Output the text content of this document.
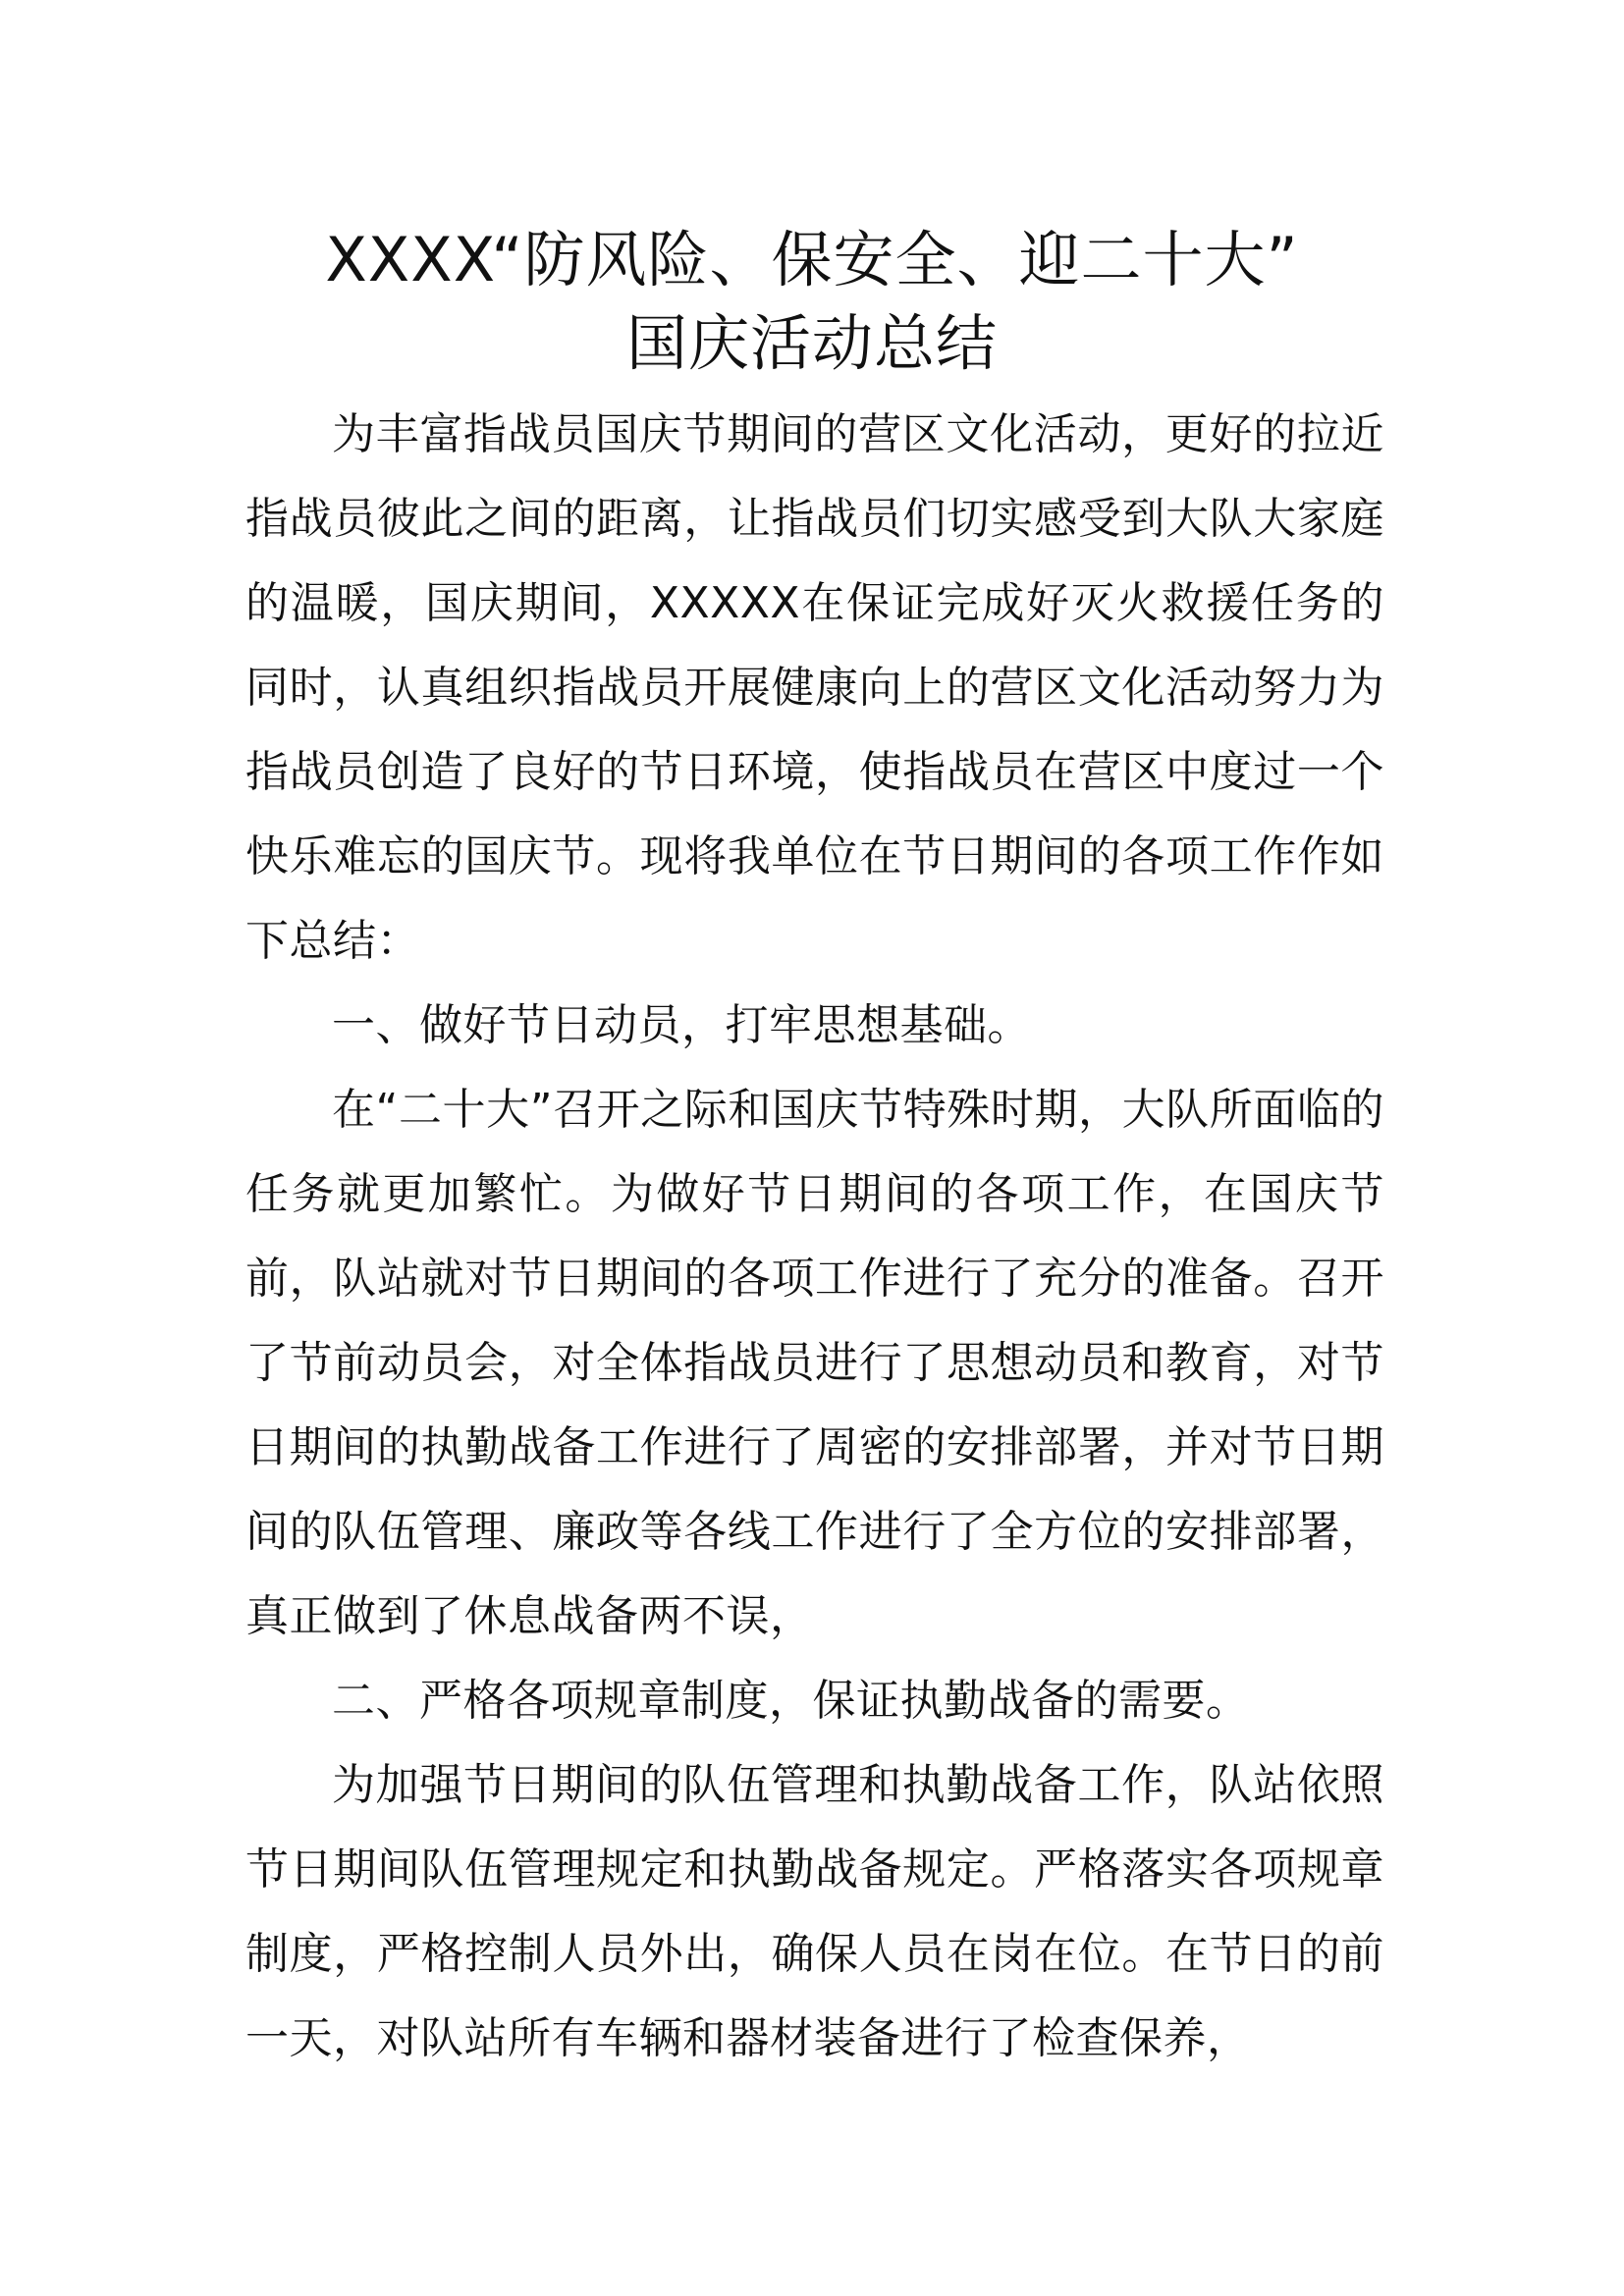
XXXX“防风险、保安全、迎二十大”
国庆活动总结

为丰富指战员国庆节期间的营区文化活动，更好的拉近指战员彼此之间的距离，让指战员们切实感受到大队大家庭的温暖，国庆期间，XXXXX在保证完成好灭火救援任务的同时，认真组织指战员开展健康向上的营区文化活动努力为指战员创造了良好的节日环境，使指战员在营区中度过一个快乐难忘的国庆节。现将我单位在节日期间的各项工作作如下总结：

一、做好节日动员，打牢思想基础。

在“二十大”召开之际和国庆节特殊时期，大队所面临的任务就更加繁忙。为做好节日期间的各项工作，在国庆节前，队站就对节日期间的各项工作进行了充分的准备。召开了节前动员会，对全体指战员进行了思想动员和教育，对节日期间的执勤战备工作进行了周密的安排部署，并对节日期间的队伍管理、廉政等各线工作进行了全方位的安排部署，真正做到了休息战备两不误，

二、严格各项规章制度，保证执勤战备的需要。

为加强节日期间的队伍管理和执勤战备工作，队站依照节日期间队伍管理规定和执勤战备规定。严格落实各项规章制度，严格控制人员外出，确保人员在岗在位。在节日的前一天，对队站所有车辆和器材装备进行了检查保养，
